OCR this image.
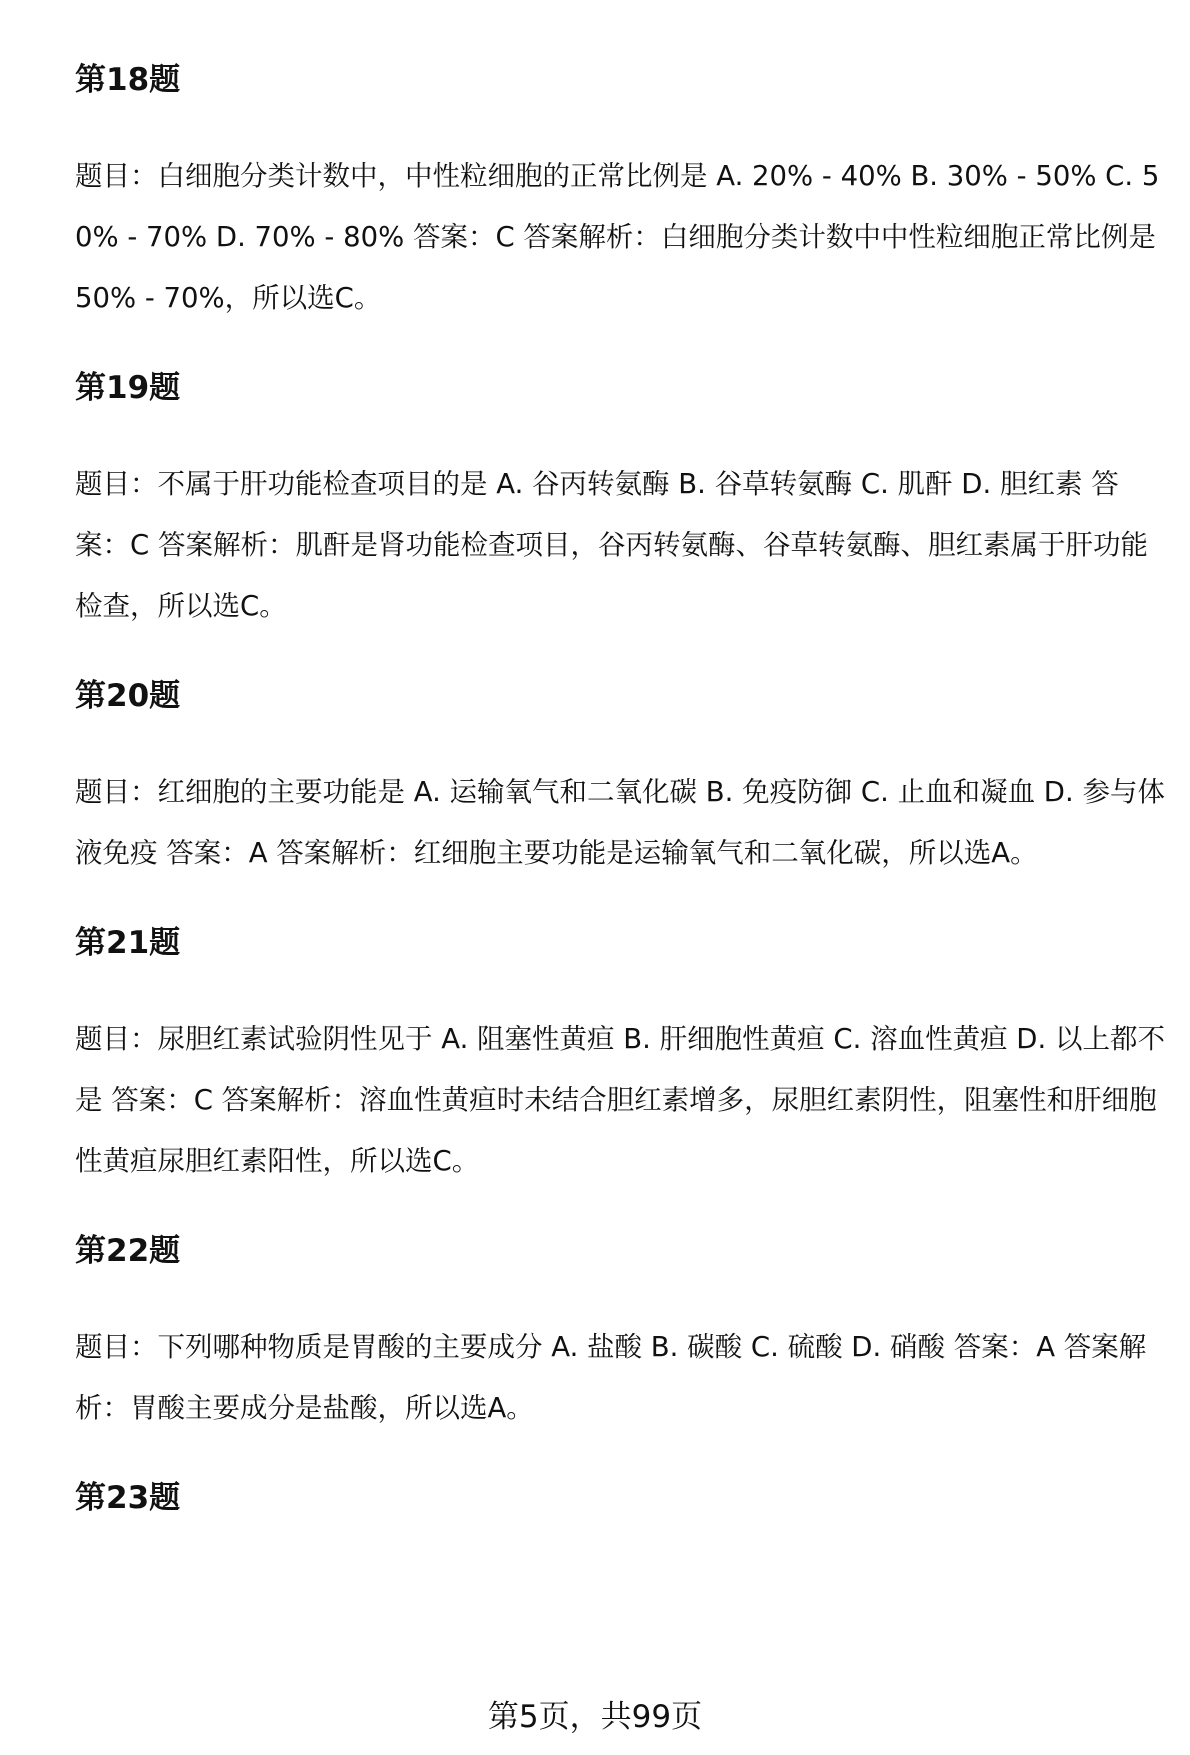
第18题
题目：白细胞分类计数中，中性粒细胞的正常比例是 A. 20% - 40% B. 30% - 50% C. 50% - 70% D. 70% - 80% 答案：C 答案解析：白细胞分类计数中中性粒细胞正常比例是50% - 70%，所以选C。
第19题
题目：不属于肝功能检查项目的是 A. 谷丙转氨酶 B. 谷草转氨酶 C. 肌酐 D. 胆红素 答案：C 答案解析：肌酐是肾功能检查项目，谷丙转氨酶、谷草转氨酶、胆红素属于肝功能检查，所以选C。
第20题
题目：红细胞的主要功能是 A. 运输氧气和二氧化碳 B. 免疫防御 C. 止血和凝血 D. 参与体液免疫 答案：A 答案解析：红细胞主要功能是运输氧气和二氧化碳，所以选A。
第21题
题目：尿胆红素试验阴性见于 A. 阻塞性黄疸 B. 肝细胞性黄疸 C. 溶血性黄疸 D. 以上都不是 答案：C 答案解析：溶血性黄疸时未结合胆红素增多，尿胆红素阴性，阻塞性和肝细胞性黄疸尿胆红素阳性，所以选C。
第22题
题目：下列哪种物质是胃酸的主要成分 A. 盐酸 B. 碳酸 C. 硫酸 D. 硝酸 答案：A 答案解析：胃酸主要成分是盐酸，所以选A。
第23题
第5页，共99页
